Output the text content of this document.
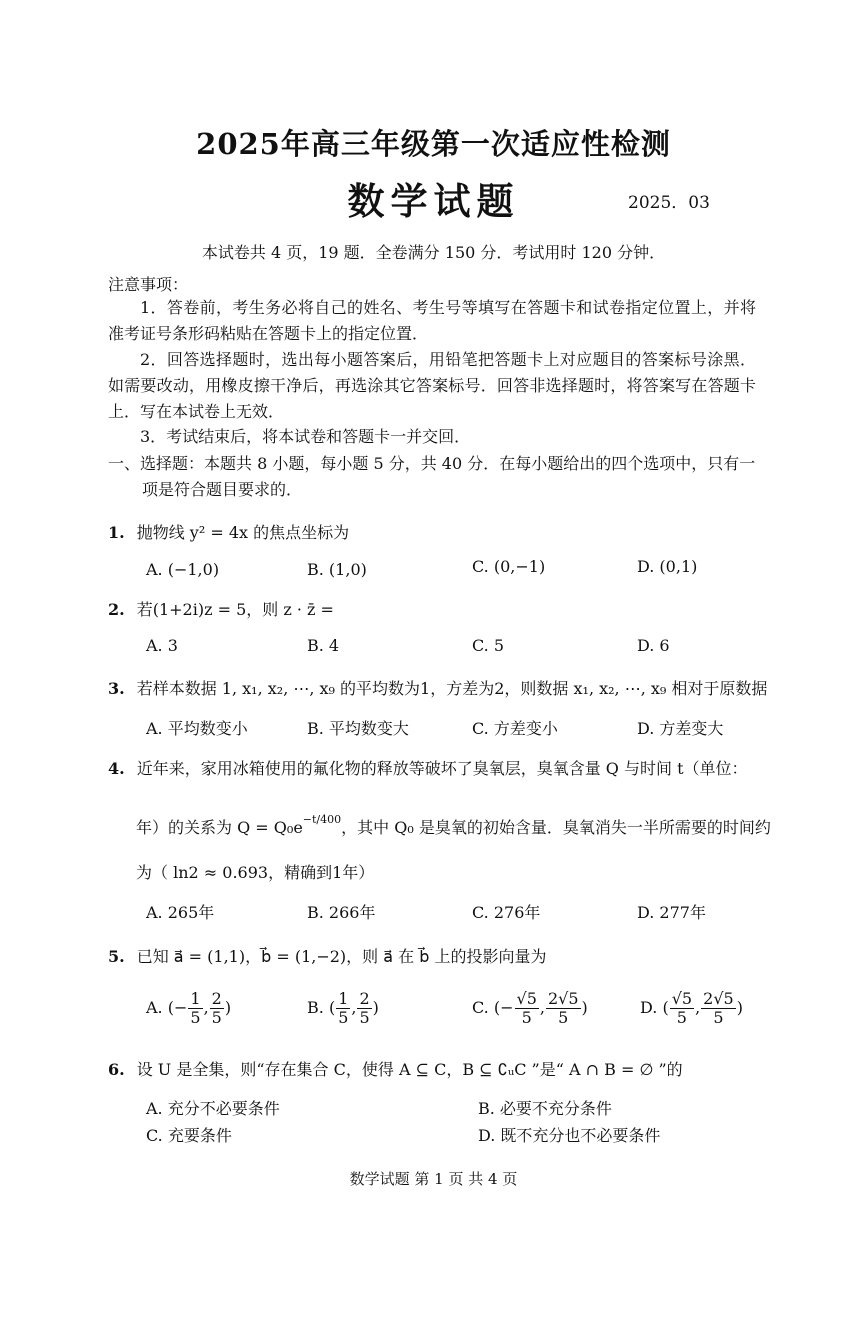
2025年高三年级第一次适应性检测
数学试题	2025．03
本试卷共 4 页，19 题．全卷满分 150 分．考试用时 120 分钟．
注意事项：
1．答卷前，考生务必将自己的姓名、考生号等填写在答题卡和试卷指定位置上，并将准考证号条形码粘贴在答题卡上的指定位置．
2．回答选择题时，选出每小题答案后，用铅笔把答题卡上对应题目的答案标号涂黑．如需要改动，用橡皮擦干净后，再选涂其它答案标号．回答非选择题时，将答案写在答题卡上．写在本试卷上无效．
3．考试结束后，将本试卷和答题卡一并交回．
一、选择题：本题共 8 小题，每小题 5 分，共 40 分．在每小题给出的四个选项中，只有一
项是符合题目要求的．
1. 抛物线 y² = 4x 的焦点坐标为
A. (−1,0)	B. (1,0)	C. (0,−1)	D. (0,1)
2. 若(1+2i)z = 5，则 z · z̄ =
A. 3	B. 4	C. 5	D. 6
3. 若样本数据 1, x₁, x₂, ⋯, x₉ 的平均数为1，方差为2，则数据 x₁, x₂, ⋯, x₉ 相对于原数据
A. 平均数变小	B. 平均数变大	C. 方差变小	D. 方差变大
4. 近年来，家用冰箱使用的氟化物的释放等破坏了臭氧层，臭氧含量 Q 与时间 t（单位：
年）的关系为 $Q = Q_0e^{-t/400}$，其中 Q₀ 是臭氧的初始含量．臭氧消失一半所需要的时间约
为（ ln2 ≈ 0.693，精确到1年）
A. 265年	B. 266年	C. 276年	D. 277年
5. 已知 a⃗ = (1,1)，b⃗ = (1,−2)，则 a⃗ 在 b⃗ 上的投影向量为
A. (− $\frac{1}{5}$ , $\frac{2}{5}$ )	B. ( $\frac{1}{5}$ , $\frac{2}{5}$ )	C. (− $\frac{√5}{5}$ , $\frac{2√5}{5}$ )	D. ( $\frac{√5}{5}$ , $\frac{2√5}{5}$ )
6. 设 U 是全集，则“存在集合 C，使得 A ⊆ C，B ⊆ ∁ᵤC ”是“ A ∩ B = ∅ ”的
A. 充分不必要条件	B. 必要不充分条件
C. 充要条件	D. 既不充分也不必要条件
数学试题 第 1 页 共 4 页
